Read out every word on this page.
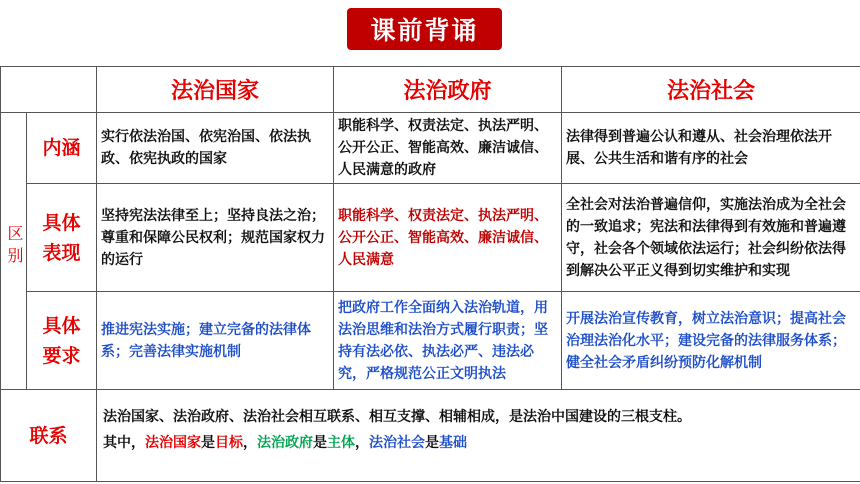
课前背诵
		法治国家	法治政府	法治社会
区别	内涵	实行依法治国、依宪治国、依法执政、依宪执政的国家	职能科学、权责法定、执法严明、公开公正、智能高效、廉洁诚信、人民满意的政府	法律得到普遍公认和遵从、社会治理依法开展、公共生活和谐有序的社会
	具体表现	坚持宪法法律至上；坚持良法之治；尊重和保障公民权利；规范国家权力的运行	职能科学、权责法定、执法严明、公开公正、智能高效、廉洁诚信、人民满意	全社会对法治普遍信仰，实施法治成为全社会的一致追求；宪法和法律得到有效施和普遍遵守，社会各个领域依法运行；社会纠纷依法得到解决公平正义得到切实维护和实现
	具体要求	推进宪法实施；建立完备的法律体系；完善法律实施机制	把政府工作全面纳入法治轨道，用法治思维和法治方式履行职责；坚持有法必依、执法必严、违法必究，严格规范公正文明执法	开展法治宣传教育，树立法治意识；提高社会治理法治化水平；建设完备的法律服务体系；健全社会矛盾纠纷预防化解机制
联系		法治国家、法治政府、法治社会相互联系、相互支撑、相辅相成，是法治中国建设的三根支柱。
其中，法治国家是目标，法治政府是主体，法治社会是基础		
